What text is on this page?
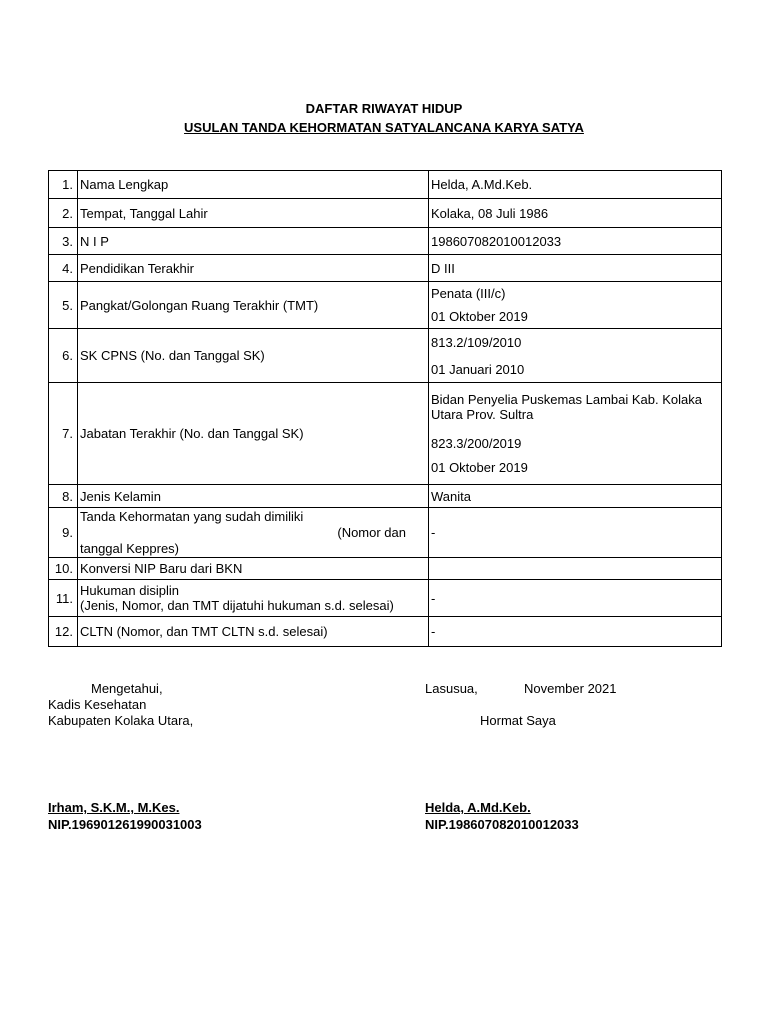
DAFTAR RIWAYAT HIDUP
USULAN TANDA KEHORMATAN SATYALANCANA KARYA SATYA
1.	Nama Lengkap	Helda, A.Md.Keb.
2.	Tempat, Tanggal Lahir	Kolaka, 08 Juli 1986
3.	N I P	198607082010012033
4.	Pendidikan Terakhir	D III
5.	Pangkat/Golongan Ruang Terakhir (TMT)	Penata (III/c)
01 Oktober 2019

6.	SK CPNS (No. dan Tanggal SK)	813.2/109/2010
01 Januari 2010

7.	Jabatan Terakhir (No. dan Tanggal SK)	Bidan Penyelia Puskemas Lambai Kab. Kolaka Utara Prov. Sultra
823.3/200/2019
01 Oktober 2019

8.	Jenis Kelamin	Wanita
9.	Tanda Kehormatan yang sudah dimiliki
(Nomor dan
tanggal Keppres)	-
10.	Konversi NIP Baru dari BKN	
11.	Hukuman disiplin
(Jenis, Nomor, dan TMT dijatuhi hukuman s.d. selesai)	-
12.	CLTN (Nomor, dan TMT CLTN s.d. selesai)	-
Mengetahui,
Kadis Kesehatan
Kabupaten Kolaka Utara,
Irham, S.K.M., M.Kes.
NIP.196901261990031003
Lasusua,	November 2021
Hormat Saya
Helda, A.Md.Keb.
NIP.198607082010012033
